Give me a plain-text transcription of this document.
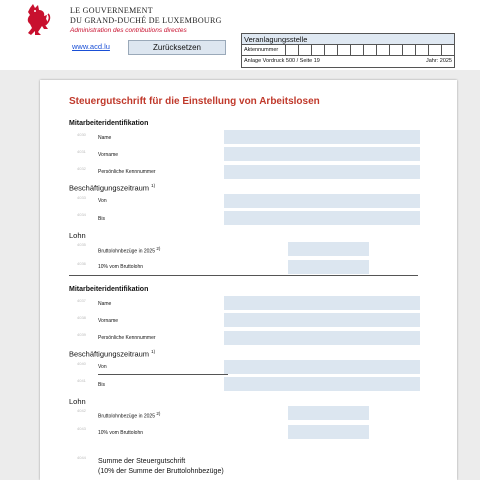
LE GOUVERNEMENT
DU GRAND-DUCHÉ DE LUXEMBOURG
Administration des contributions directes
www.acd.lu	Zurücksetzen
Veranlagungsstelle
Aktennummer
Anlage Vordruck 500 / Seite 19	Jahr: 2025
Steuergutschrift für die Einstellung von Arbeitslosen
Mitarbeiteridentifikation
4030
Name
4031
Vorname
4032
Persönliche Kennnummer
Beschäftigungszeitraum $^{1)}$
4033
Von
4034
Bis
Lohn
4035
Bruttolohnbezüge in 2025 $^{2)}$
4036
10% vom Bruttolohn
Mitarbeiteridentifikation
4037
Name
4038
Vorname
4039
Persönliche Kennnummer
Beschäftigungszeitraum $^{1)}$
4040
Von
4041
Bis
Lohn
4042
Bruttolohnbezüge in 2025 $^{2)}$
4043
10% vom Bruttolohn
4044
Summe der Steuergutschrift
(10% der Summe der Bruttolohnbezüge)
